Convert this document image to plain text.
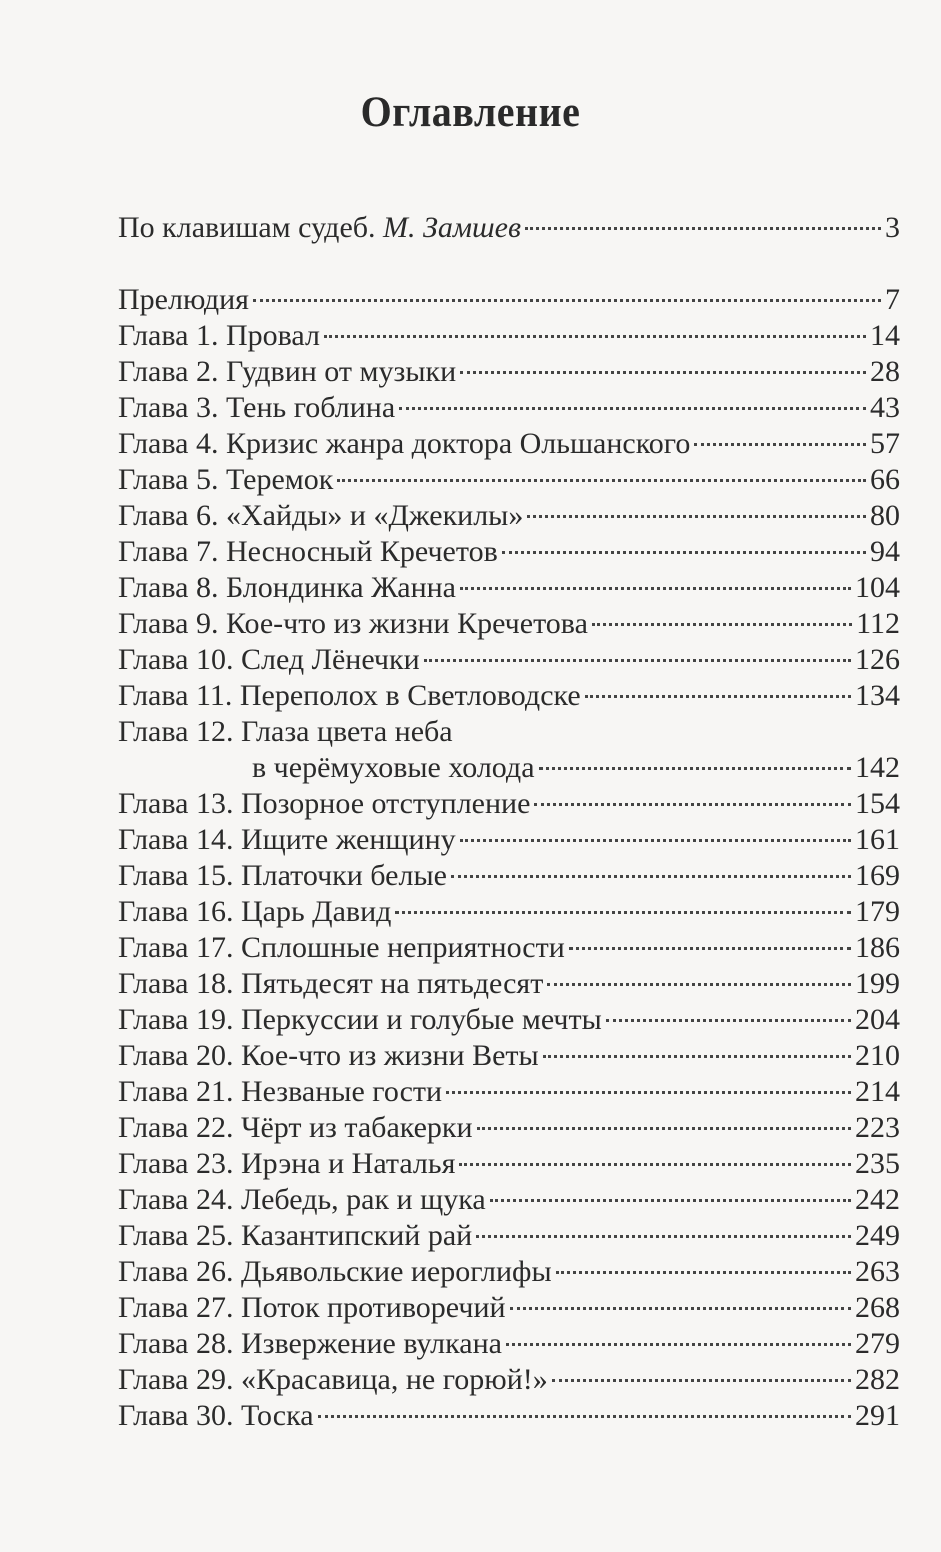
Оглавление
По клавишам судеб. М. Замшев	3
Прелюдия	7
Глава 1. Провал	14
Глава 2. Гудвин от музыки	28
Глава 3. Тень гоблина	43
Глава 4. Кризис жанра доктора Ольшанского	57
Глава 5. Теремок	66
Глава 6. «Хайды» и «Джекилы»	80
Глава 7. Несносный Кречетов	94
Глава 8. Блондинка Жанна	104
Глава 9. Кое-что из жизни Кречетова	112
Глава 10. След Лёнечки	126
Глава 11. Переполох в Светловодске	134
Глава 12. Глаза цвета неба
в черёмуховые холода	142
Глава 13. Позорное отступление	154
Глава 14. Ищите женщину	161
Глава 15. Платочки белые	169
Глава 16. Царь Давид	179
Глава 17. Сплошные неприятности	186
Глава 18. Пятьдесят на пятьдесят	199
Глава 19. Перкуссии и голубые мечты	204
Глава 20. Кое-что из жизни Веты	210
Глава 21. Незваные гости	214
Глава 22. Чёрт из табакерки	223
Глава 23. Ирэна и Наталья	235
Глава 24. Лебедь, рак и щука	242
Глава 25. Казантипский рай	249
Глава 26. Дьявольские иероглифы	263
Глава 27. Поток противоречий	268
Глава 28. Извержение вулкана	279
Глава 29. «Красавица, не горюй!»	282
Глава 30. Тоска	291
